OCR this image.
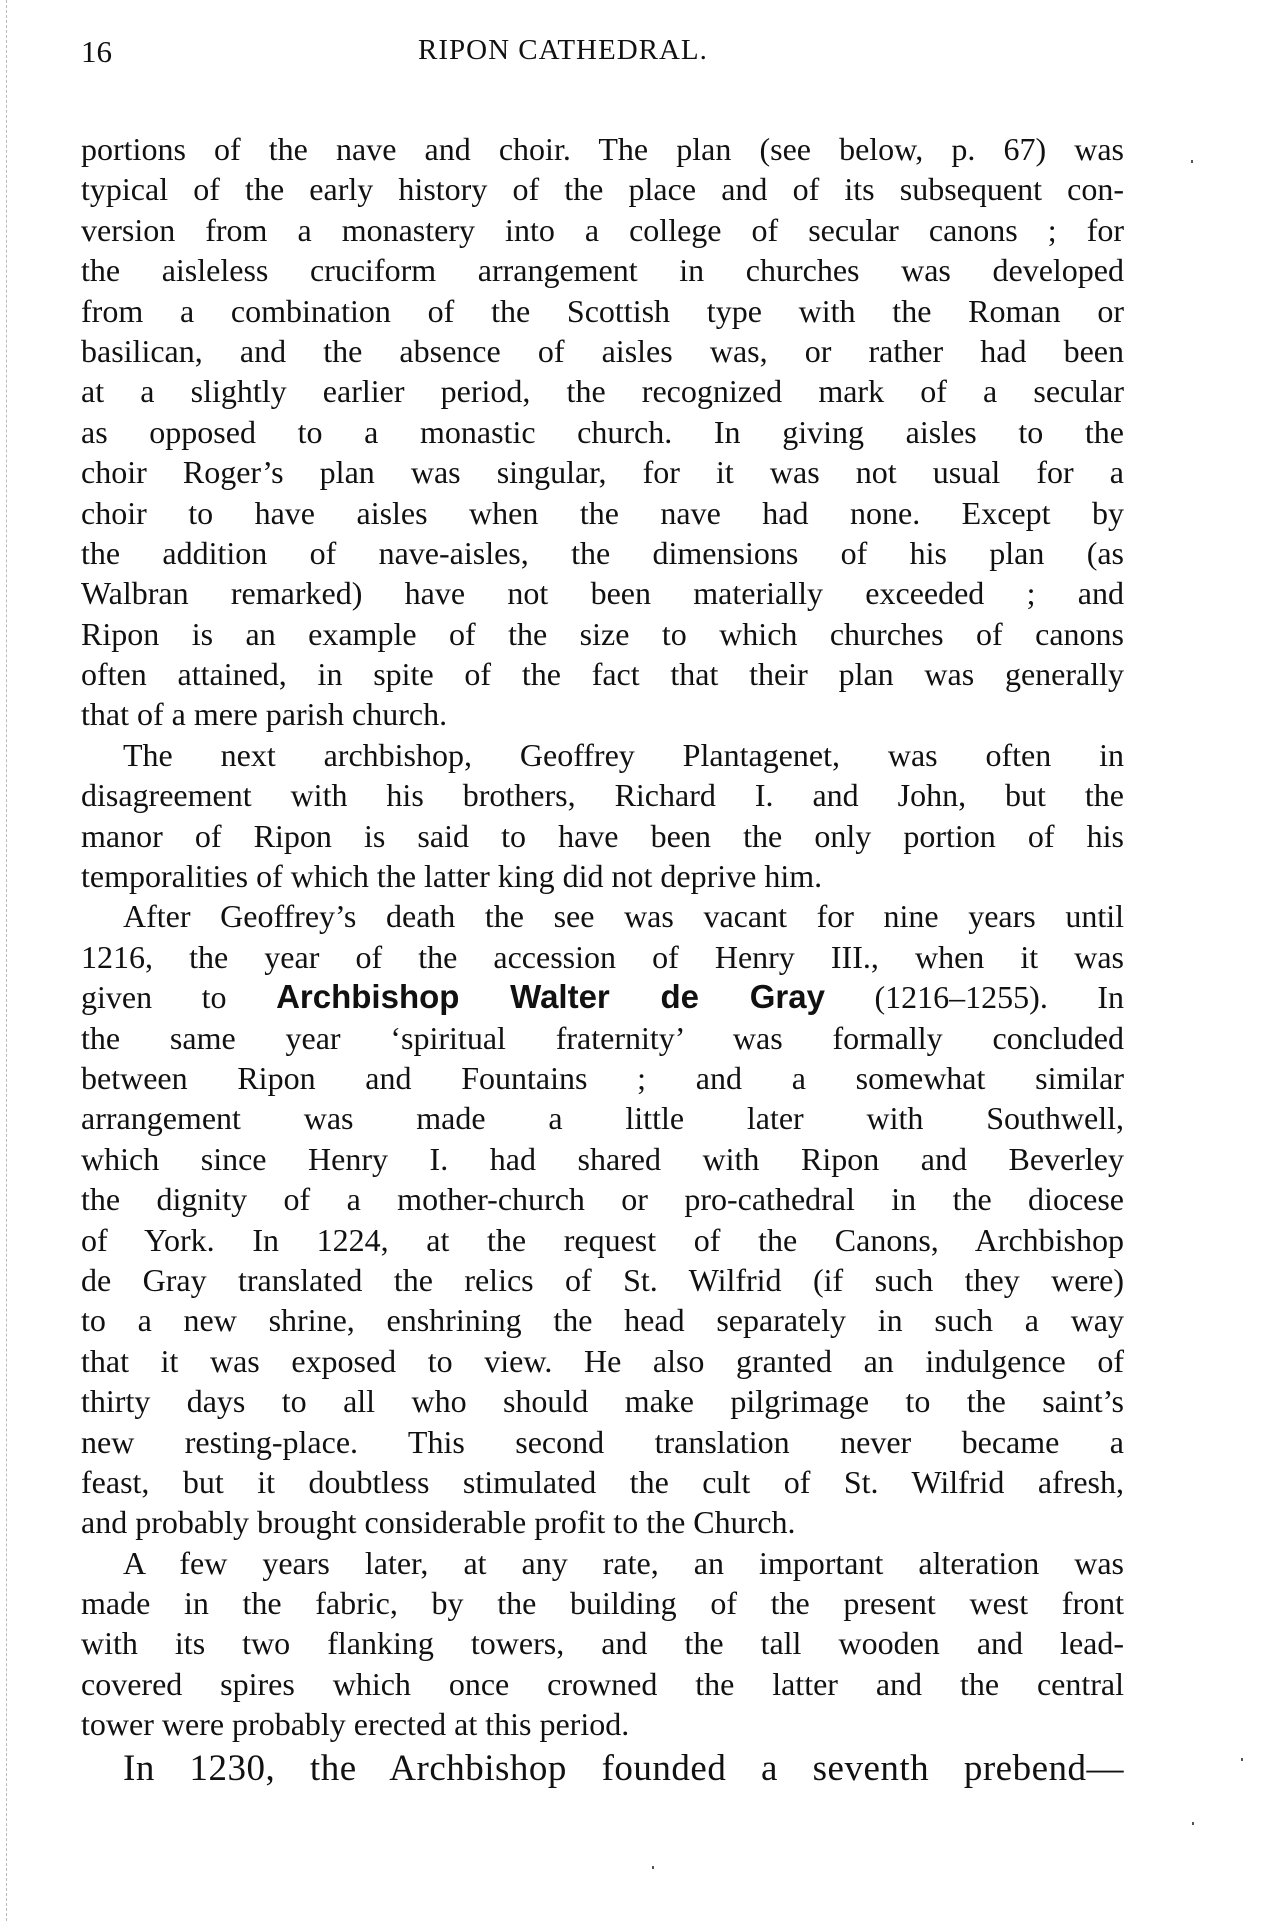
16	RIPON CATHEDRAL.
portions of the nave and choir. The plan (see below, p. 67) was
typical of the early history of the place and of its subsequent con-
version from a monastery into a college of secular canons ; for
the aisleless cruciform arrangement in churches was developed
from a combination of the Scottish type with the Roman or
basilican, and the absence of aisles was, or rather had been
at a slightly earlier period, the recognized mark of a secular
as opposed to a monastic church. In giving aisles to the
choir Roger’s plan was singular, for it was not usual for a
choir to have aisles when the nave had none. Except by
the addition of nave-aisles, the dimensions of his plan (as
Walbran remarked) have not been materially exceeded ; and
Ripon is an example of the size to which churches of canons
often attained, in spite of the fact that their plan was generally
that of a mere parish church.
The next archbishop, Geoffrey Plantagenet, was often in
disagreement with his brothers, Richard I. and John, but the
manor of Ripon is said to have been the only portion of his
temporalities of which the latter king did not deprive him.
After Geoffrey’s death the see was vacant for nine years until
1216, the year of the accession of Henry III., when it was
given to Archbishop Walter de Gray (1216–1255). In
the same year ‘spiritual fraternity’ was formally concluded
between Ripon and Fountains ; and a somewhat similar
arrangement was made a little later with Southwell,
which since Henry I. had shared with Ripon and Beverley
the dignity of a mother-church or pro-cathedral in the diocese
of York. In 1224, at the request of the Canons, Archbishop
de Gray translated the relics of St. Wilfrid (if such they were)
to a new shrine, enshrining the head separately in such a way
that it was exposed to view. He also granted an indulgence of
thirty days to all who should make pilgrimage to the saint’s
new resting-place. This second translation never became a
feast, but it doubtless stimulated the cult of St. Wilfrid afresh,
and probably brought considerable profit to the Church.
A few years later, at any rate, an important alteration was
made in the fabric, by the building of the present west front
with its two flanking towers, and the tall wooden and lead-
covered spires which once crowned the latter and the central
tower were probably erected at this period.
In 1230, the Archbishop founded a seventh prebend—
